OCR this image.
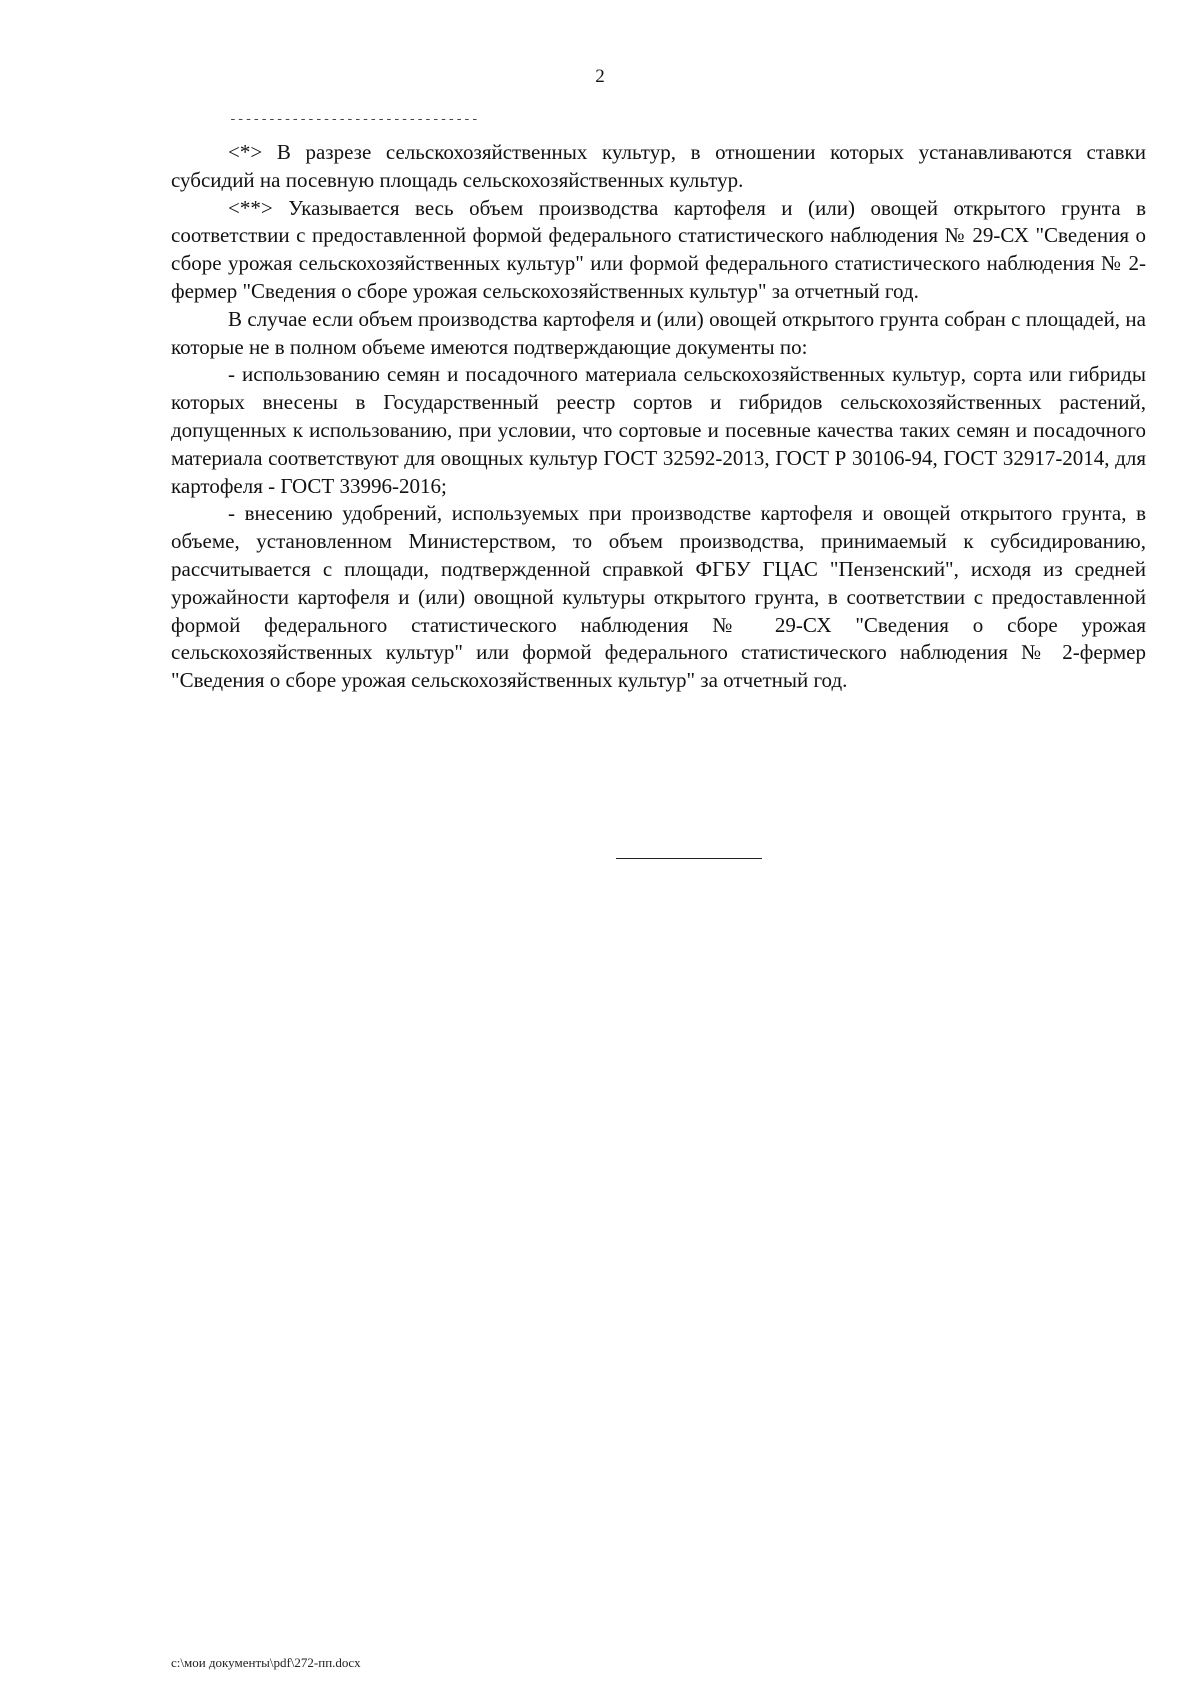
2
--------------------------------

<*> В разрезе сельскохозяйственных культур, в отношении которых устанавливаются ставки субсидий на посевную площадь сельскохозяйственных культур.

<**> Указывается весь объем производства картофеля и (или) овощей открытого грунта в соответствии с предоставленной формой федерального статистического наблюдения № 29-СХ "Сведения о сборе урожая сельскохозяйственных культур" или формой федерального статистического наблюдения № 2-фермер "Сведения о сборе урожая сельскохозяйственных культур" за отчетный год.

В случае если объем производства картофеля и (или) овощей открытого грунта собран с площадей, на которые не в полном объеме имеются подтверждающие документы по:

- использованию семян и посадочного материала сельскохозяйственных культур, сорта или гибриды которых внесены в Государственный реестр сортов и гибридов сельскохозяйственных растений, допущенных к использованию, при условии, что сортовые и посевные качества таких семян и посадочного материала соответствуют для овощных культур ГОСТ 32592-2013, ГОСТ Р 30106-94, ГОСТ 32917-2014, для картофеля - ГОСТ 33996-2016;

- внесению удобрений, используемых при производстве картофеля и овощей открытого грунта, в объеме, установленном Министерством, то объем производства, принимаемый к субсидированию, рассчитывается с площади, подтвержденной справкой ФГБУ ГЦАС "Пензенский", исходя из средней урожайности картофеля и (или) овощной культуры открытого грунта, в соответствии с предоставленной формой федерального статистического наблюдения № 29-СХ "Сведения о сборе урожая сельскохозяйственных культур" или формой федерального статистического наблюдения № 2-фермер "Сведения о сборе урожая сельскохозяйственных культур" за отчетный год.

c:\мои документы\pdf\272-пп.docx
